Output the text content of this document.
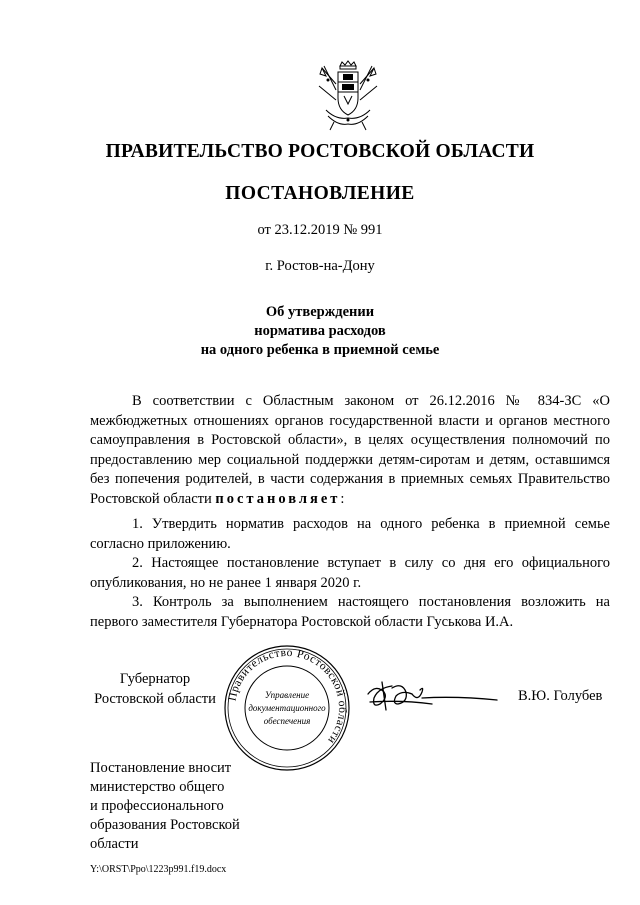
ПРАВИТЕЛЬСТВО РОСТОВСКОЙ ОБЛАСТИ
ПОСТАНОВЛЕНИЕ
от 23.12.2019 № 991
г. Ростов-на-Дону
Об утверждении
норматива расходов
на одного ребенка в приемной семье
В соответствии с Областным законом от 26.12.2016 № 834-ЗС «О межбюджетных отношениях органов государственной власти и органов местного самоуправления в Ростовской области», в целях осуществления полномочий по предоставлению мер социальной поддержки детям-сиротам и детям, оставшимся без попечения родителей, в части содержания в приемных семьях Правительство Ростовской области постановляет:

1. Утвердить норматив расходов на одного ребенка в приемной семье согласно приложению.

2. Настоящее постановление вступает в силу со дня его официального опубликования, но не ранее 1 января 2020 г.

3. Контроль за выполнением настоящего постановления возложить на первого заместителя Губернатора Ростовской области Гуськова И.А.

Губернатор
Ростовской области Правительство Ростовской области
Управление
документационного
обеспечения
В.Ю. Голубев
Постановление вносит
министерство общего
и профессионального
образования Ростовской
области
Y:\ORST\Ppo\1223p991.f19.docx
